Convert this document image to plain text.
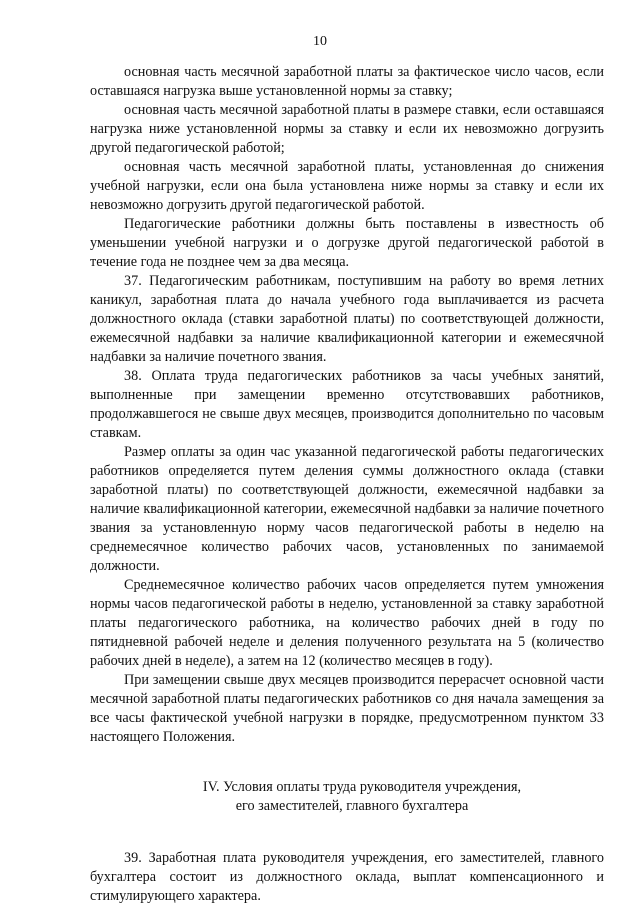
10

основная часть месячной заработной платы за фактическое число часов, если оставшаяся нагрузка выше установленной нормы за ставку;

основная часть месячной заработной платы в размере ставки, если оставшаяся нагрузка ниже установленной нормы за ставку и если их невозможно догрузить другой педагогической работой;

основная часть месячной заработной платы, установленная до снижения учебной нагрузки, если она была установлена ниже нормы за ставку и если их невозможно догрузить другой педагогической работой.

Педагогические работники должны быть поставлены в известность об уменьшении учебной нагрузки и о догрузке другой педагогической работой в течение года не позднее чем за два месяца.

37. Педагогическим работникам, поступившим на работу во время летних каникул, заработная плата до начала учебного года выплачивается из расчета должностного оклада (ставки заработной платы) по соответствующей должности, ежемесячной надбавки за наличие квалификационной категории и ежемесячной надбавки за наличие почетного звания.

38. Оплата труда педагогических работников за часы учебных занятий, выполненные при замещении временно отсутствовавших работников, продолжавшегося не свыше двух месяцев, производится дополнительно по часовым ставкам.

Размер оплаты за один час указанной педагогической работы педагогических работников определяется путем деления суммы должностного оклада (ставки заработной платы) по соответствующей должности, ежемесячной надбавки за наличие квалификационной категории, ежемесячной надбавки за наличие почетного звания за установленную норму часов педагогической работы в неделю на среднемесячное количество рабочих часов, установленных по занимаемой должности.

Среднемесячное количество рабочих часов определяется путем умножения нормы часов педагогической работы в неделю, установленной за ставку заработной платы педагогического работника, на количество рабочих дней в году по пятидневной рабочей неделе и деления полученного результата на 5 (количество рабочих дней в неделе), а затем на 12 (количество месяцев в году).

При замещении свыше двух месяцев производится перерасчет основной части месячной заработной платы педагогических работников со дня начала замещения за все часы фактической учебной нагрузки в порядке, предусмотренном пунктом 33 настоящего Положения.

IV. Условия оплаты труда руководителя учреждения,
его заместителей, главного бухгалтера

39. Заработная плата руководителя учреждения, его заместителей, главного бухгалтера состоит из должностного оклада, выплат компенсационного и стимулирующего характера.
